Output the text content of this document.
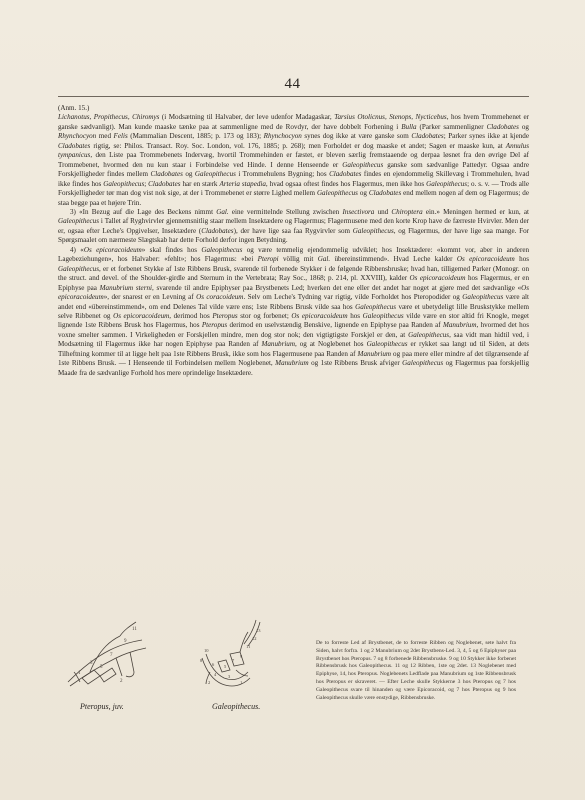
44

(Anm. 15.)

Lichanotus, Propithecus, Chiromys (i Modsætning til Halvaber, der leve udenfor Madagaskar, Tarsius Otolicnus, Stenops, Nycticebus, hos hvem Trommehenet er ganske sædvanligt). Man kunde maaske tænke paa at sammenligne med de Rovdyr, der have dobbelt Forhening i Bulla (Parker sammenligner Cladobates og Rhynchocyon med Felis (Mammalian Descent, 1885; p. 173 og 183); Rhynchocyon synes dog ikke at være ganske som Cladobates; Parker synes ikke at kjende Cladobates rigtig, se: Philos. Transact. Roy. Soc. London, vol. 176, 1885; p. 268); men Forholdet er dog maaske et andet; Sagen er maaske kun, at Annulus tympanicus, den Liste paa Trommebenets Indervæg, hvortil Trommehinden er fæstet, er bleven særlig fremstaaende og derpaa løsnet fra den øvrige Del af Trommebenet, hvormed den nu kun staar i Forbindelse ved Hinde. I denne Henseende er Galeopithecus ganske som sædvanlige Pattedyr. Ogsaa andre Forskjelligheder findes mellem Cladobates og Galeopithecus i Trommehulens Bygning; hos Cladobates findes en ejendommelig Skillevæg i Trommehulen, hvad ikke findes hos Galeopithecus; Cladobates har en stærk Arteria stapedia, hvad ogsaa oftest findes hos Flagermus, men ikke hos Galeopithecus; o. s. v. — Trods alle Forskjelligheder tør man dog vist nok sige, at der i Trommebenet er større Lighed mellem Galeopithecus og Cladobates end mellem nogen af dem og Flagermus; de staa begge paa et højere Trin.

3) «In Bezug auf die Lage des Beckens nimmt Gal. eine vermittelnde Stellung zwischen Insectivora und Chiroptera ein.» Meningen hermed er kun, at Galeopithecus i Tallet af Ryghvirvler gjennemsnitlig staar mellem Insektædere og Flagermus; Flagermusene med den korte Krop have de færreste Hvirvler. Men der er, ogsaa efter Leche's Opgivelser, Insektædere (Cladobates), der have lige saa faa Rygvirvler som Galeopithecus, og Flagermus, der have lige saa mange. For Spørgsmaalet om nærmeste Slægtskab har dette Forhold derfor ingen Betydning.

4) «Os epicoracoideum» skal findes hos Galeopithecus og være temmelig ejendommelig udviklet; hos Insektædere: «kommt vor, aber in anderen Lagebeziehungen», hos Halvaber: «fehlt»; hos Flagermus: «bei Pteropi völlig mit Gal. übereinstimmend». Hvad Leche kalder Os epicoracoideum hos Galeopithecus, er et forbenet Stykke af 1ste Ribbens Brusk, svarende til forbenede Stykker i de følgende Ribbensbruske; hvad han, tilligemed Parker (Monogr. on the struct. and devel. of the Shoulder-girdle and Sternum in the Vertebrata; Ray Soc., 1868; p. 214, pl. XXVIII), kalder Os epicoracoideum hos Flagermus, er en Epiphyse paa Manubrium sterni, svarende til andre Epiphyser paa Brystbenets Led; hverken det ene eller det andet har noget at gjøre med det sædvanlige «Os epicoracoideum», der snarest er en Levning af Os coracoideum. Selv om Leche's Tydning var rigtig, vilde Forholdet hos Pteropodider og Galeopithecus være alt andet end «übereinstimmend», om end Delenes Tal vilde være ens; 1ste Ribbens Brusk vilde saa hos Galeopithecus være et ubetydeligt lille Bruskstykke mellem selve Ribbenet og Os epicoracoideum, derimod hos Pteropus stor og forbenet; Os epicoracoideum hos Galeopithecus vilde være en stor altid fri Knogle, meget lignende 1ste Ribbens Brusk hos Flagermus, hos Pteropus derimod en uselvstændig Benskive, lignende en Epiphyse paa Randen af Manubrium, hvormed det hos voxne smelter sammen. I Virkeligheden er Forskjellen mindre, men dog stor nok; den vigtigtigste Forskjel er den, at Galeopithecus, saa vidt man hidtil ved, i Modsætning til Flagermus ikke har nogen Epiphyse paa Randen af Manubrium, og at Noglebenet hos Galeopithecus er rykket saa langt ud til Siden, at dets Tilheftning kommer til at ligge helt paa 1ste Ribbens Brusk, ikke som hos Flagermusene paa Randen af Manubrium og paa mere eller mindre af det tilgrænsende af 1ste Ribbens Brusk. — I Henseende til Forbindelsen mellem Noglebenet, Manubrium og 1ste Ribbens Brusk afviger Galeopithecus og Flagermus paa forskjellig Maade fra de sædvanlige Forhold hos mere oprindelige Insektædere.

11
9
7
5
3
1
2
Pteropus, juv.
13
12
11
10
9
8	7
6 5
4	3
2	1
Galeopithecus.
De to forreste Led af Brystbenet, de to forreste Ribben og Noglebenet, sete halvt fra Siden, halvt forfra. 1 og 2 Manubrium og 2det Brystbens-Led. 3, 4, 5 og 6 Epiphyser paa Brystbenet hos Pteropus. 7 og 8 forbenede Ribbensbruske. 9 og 10 Stykker ikke forbenet Ribbensbrusk hos Galeopithecus. 11 og 12 Ribben, 1ste og 2det. 13 Noglebenet med Epiphyse, 14, hos Pteropus. Noglebenets Ledflade paa Manubrium og 1ste Ribbensbrusk hos Pteropus er skraveret. — Efter Leche skulle Stykkerne 3 hos Pteropus og 7 hos Galeopithecus svare til hinanden og være Epicoracoid, og 7 hos Pteropus og 9 hos Galeopithecus skulle være enstydige, Ribbensbruske.
